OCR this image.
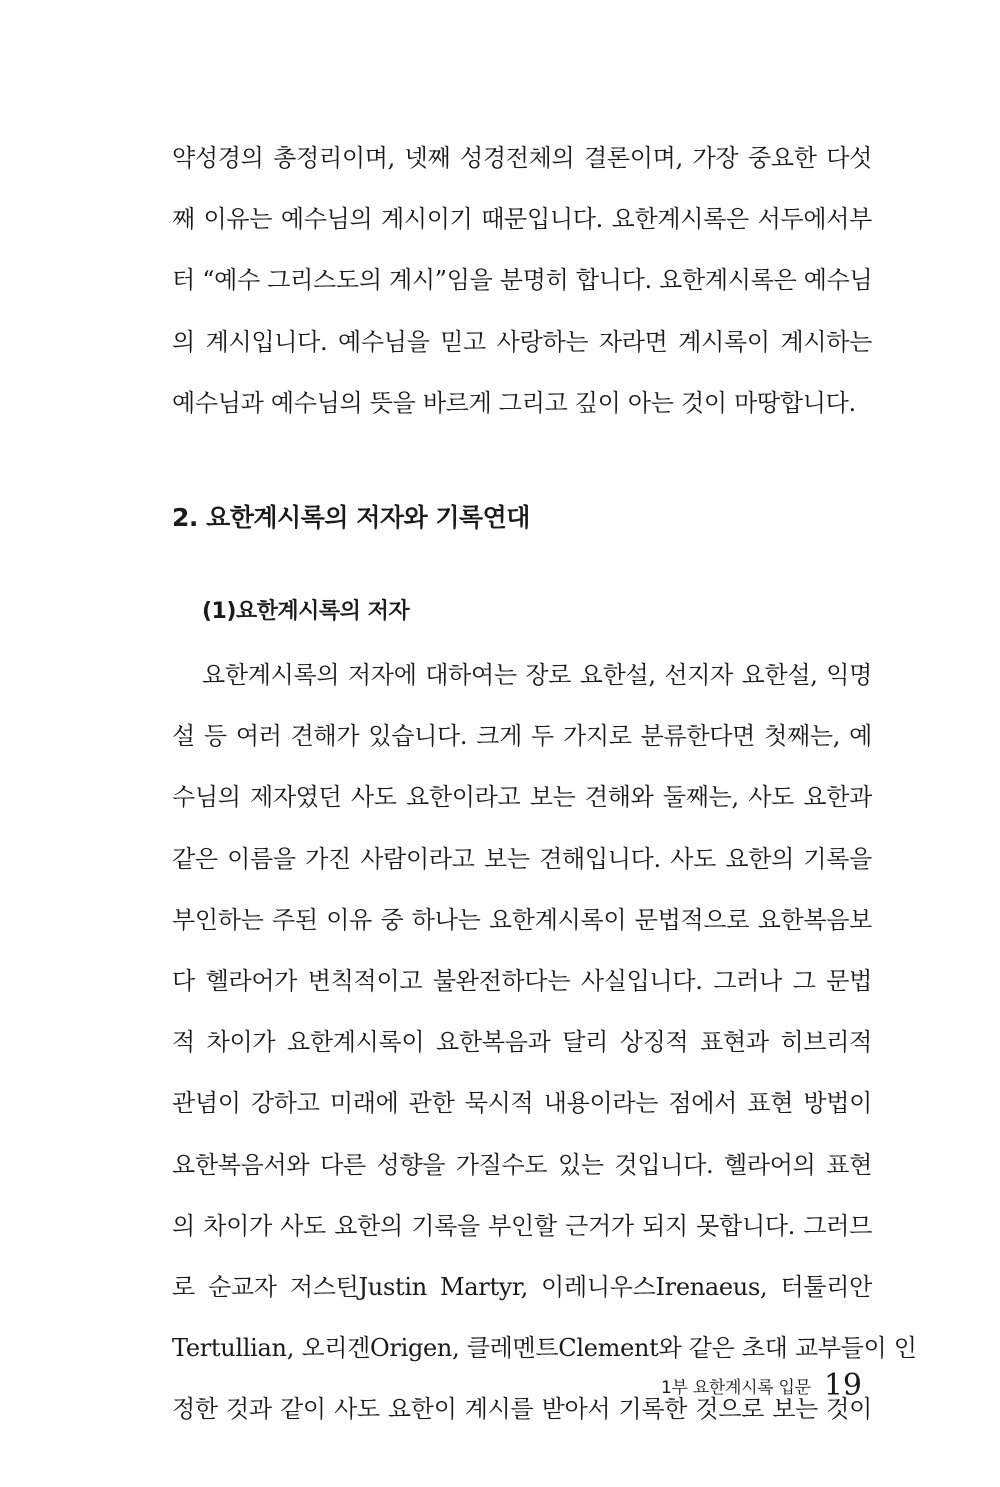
약성경의 총정리이며, 넷째 성경전체의 결론이며, 가장 중요한 다섯
째 이유는 예수님의 계시이기 때문입니다. 요한계시록은 서두에서부
터 “예수 그리스도의 계시”임을 분명히 합니다. 요한계시록은 예수님
의 계시입니다. 예수님을 믿고 사랑하는 자라면 계시록이 계시하는
예수님과 예수님의 뜻을 바르게 그리고 깊이 아는 것이 마땅합니다.
2. 요한계시록의 저자와 기록연대
(1)요한계시록의 저자
요한계시록의 저자에 대하여는 장로 요한설, 선지자 요한설, 익명
설 등 여러 견해가 있습니다. 크게 두 가지로 분류한다면 첫째는, 예
수님의 제자였던 사도 요한이라고 보는 견해와 둘째는, 사도 요한과
같은 이름을 가진 사람이라고 보는 견해입니다. 사도 요한의 기록을
부인하는 주된 이유 중 하나는 요한계시록이 문법적으로 요한복음보
다 헬라어가 변칙적이고 불완전하다는 사실입니다. 그러나 그 문법
적 차이가 요한계시록이 요한복음과 달리 상징적 표현과 히브리적
관념이 강하고 미래에 관한 묵시적 내용이라는 점에서 표현 방법이
요한복음서와 다른 성향을 가질수도 있는 것입니다. 헬라어의 표현
의 차이가 사도 요한의 기록을 부인할 근거가 되지 못합니다. 그러므
로 순교자 저스틴Justin Martyr, 이레니우스Irenaeus, 터툴리안
Tertullian, 오리겐Origen, 클레멘트Clement와 같은 초대 교부들이 인
정한 것과 같이 사도 요한이 계시를 받아서 기록한 것으로 보는 것이
1부 요한계시록 입문 19
